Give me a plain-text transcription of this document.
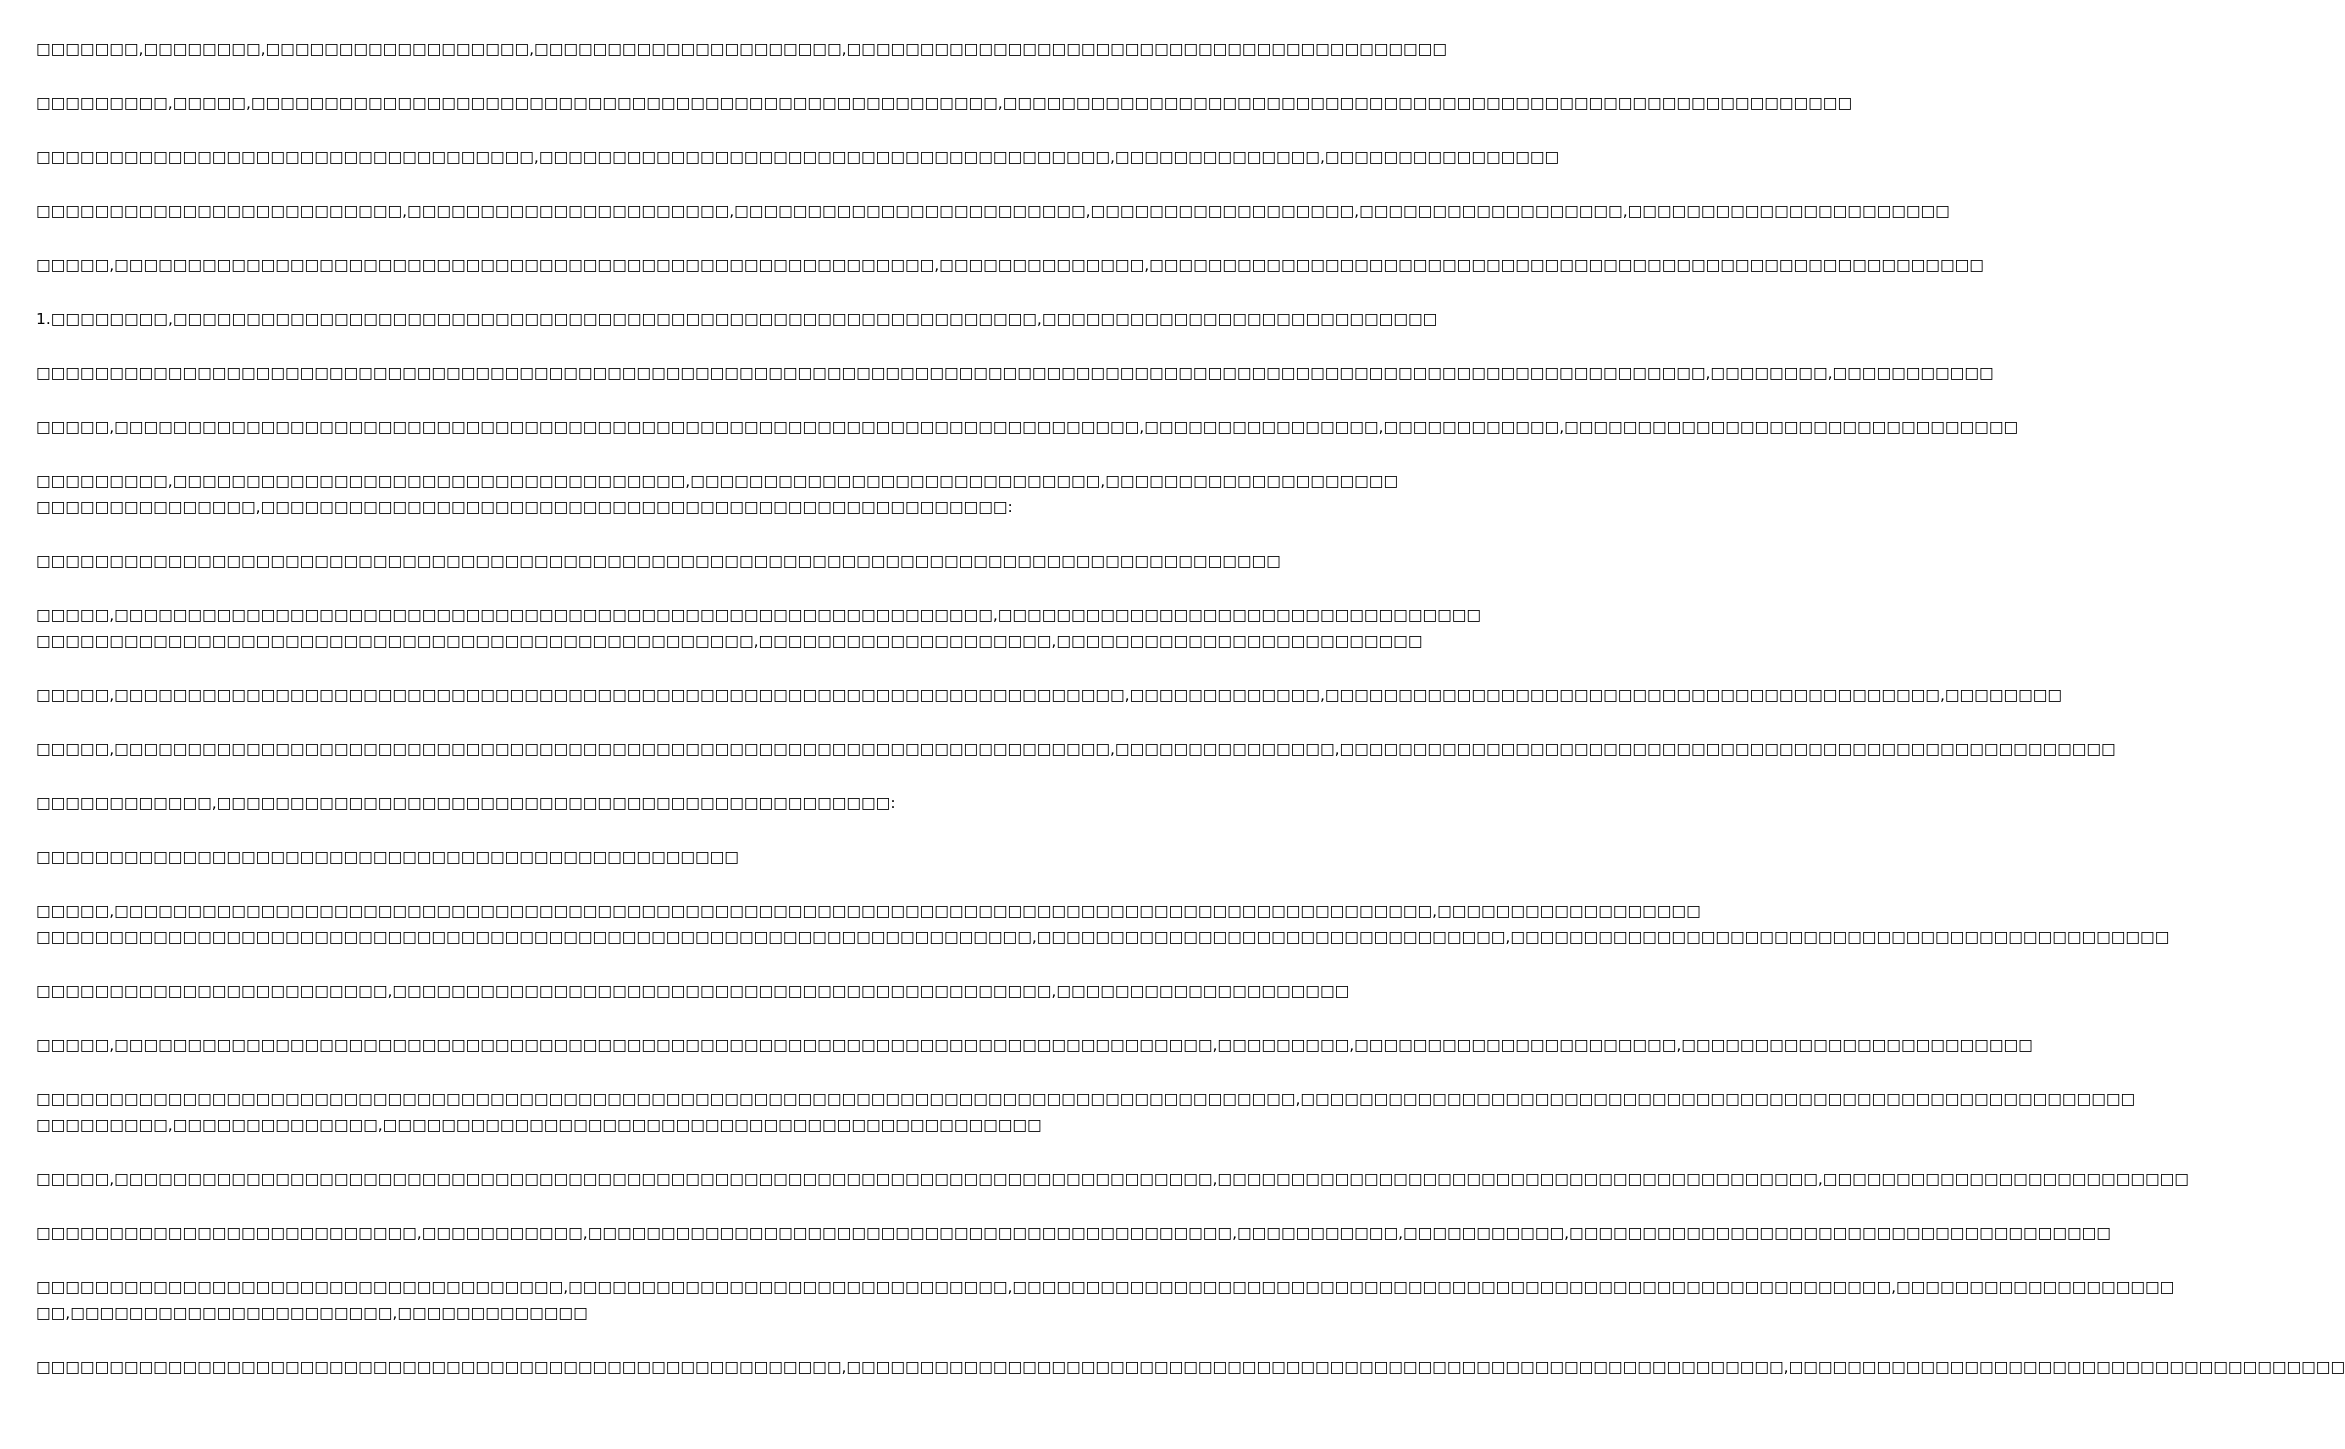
□□□□□□□,□□□□□□□□,□□□□□□□□□□□□□□□□□□,□□□□□□□□□□□□□□□□□□□□□,□□□□□□□□□□□□□□□□□□□□□□□□□□□□□□□□□□□□□□□□□

□□□□□□□□□,□□□□□,□□□□□□□□□□□□□□□□□□□□□□□□□□□□□□□□□□□□□□□□□□□□□□□□□□□,□□□□□□□□□□□□□□□□□□□□□□□□□□□□□□□□□□□□□□□□□□□□□□□□□□□□□□□□□□

□□□□□□□□□□□□□□□□□□□□□□□□□□□□□□□□□□,□□□□□□□□□□□□□□□□□□□□□□□□□□□□□□□□□□□□□□□,□□□□□□□□□□□□□□,□□□□□□□□□□□□□□□□

□□□□□□□□□□□□□□□□□□□□□□□□□,□□□□□□□□□□□□□□□□□□□□□□,□□□□□□□□□□□□□□□□□□□□□□□□,□□□□□□□□□□□□□□□□□□,□□□□□□□□□□□□□□□□□□,□□□□□□□□□□□□□□□□□□□□□□

□□□□□,□□□□□□□□□□□□□□□□□□□□□□□□□□□□□□□□□□□□□□□□□□□□□□□□□□□□□□□□,□□□□□□□□□□□□□□,□□□□□□□□□□□□□□□□□□□□□□□□□□□□□□□□□□□□□□□□□□□□□□□□□□□□□□□□□

1.□□□□□□□□,□□□□□□□□□□□□□□□□□□□□□□□□□□□□□□□□□□□□□□□□□□□□□□□□□□□□□□□□□□□,□□□□□□□□□□□□□□□□□□□□□□□□□□□

□□□□□□□□□□□□□□□□□□□□□□□□□□□□□□□□□□□□□□□□□□□□□□□□□□□□□□□□□□□□□□□□□□□□□□□□□□□□□□□□□□□□□□□□□□□□□□□□□□□□□□□□□□□□□□□□□□,□□□□□□□□,□□□□□□□□□□□

□□□□□,□□□□□□□□□□□□□□□□□□□□□□□□□□□□□□□□□□□□□□□□□□□□□□□□□□□□□□□□□□□□□□□□□□□□□□,□□□□□□□□□□□□□□□□,□□□□□□□□□□□□,□□□□□□□□□□□□□□□□□□□□□□□□□□□□□□□

□□□□□□□□□,□□□□□□□□□□□□□□□□□□□□□□□□□□□□□□□□□□□,□□□□□□□□□□□□□□□□□□□□□□□□□□□□,□□□□□□□□□□□□□□□□□□□□
□□□□□□□□□□□□□□□,□□□□□□□□□□□□□□□□□□□□□□□□□□□□□□□□□□□□□□□□□□□□□□□□□□□:

□□□□□□□□□□□□□□□□□□□□□□□□□□□□□□□□□□□□□□□□□□□□□□□□□□□□□□□□□□□□□□□□□□□□□□□□□□□□□□□□□□□□□

□□□□□,□□□□□□□□□□□□□□□□□□□□□□□□□□□□□□□□□□□□□□□□□□□□□□□□□□□□□□□□□□□□,□□□□□□□□□□□□□□□□□□□□□□□□□□□□□□□□□
□□□□□□□□□□□□□□□□□□□□□□□□□□□□□□□□□□□□□□□□□□□□□□□□□,□□□□□□□□□□□□□□□□□□□□,□□□□□□□□□□□□□□□□□□□□□□□□□

□□□□□,□□□□□□□□□□□□□□□□□□□□□□□□□□□□□□□□□□□□□□□□□□□□□□□□□□□□□□□□□□□□□□□□□□□□□,□□□□□□□□□□□□□,□□□□□□□□□□□□□□□□□□□□□□□□□□□□□□□□□□□□□□□□□□,□□□□□□□□

□□□□□,□□□□□□□□□□□□□□□□□□□□□□□□□□□□□□□□□□□□□□□□□□□□□□□□□□□□□□□□□□□□□□□□□□□□,□□□□□□□□□□□□□□□,□□□□□□□□□□□□□□□□□□□□□□□□□□□□□□□□□□□□□□□□□□□□□□□□□□□□□

□□□□□□□□□□□□,□□□□□□□□□□□□□□□□□□□□□□□□□□□□□□□□□□□□□□□□□□□□□□:

□□□□□□□□□□□□□□□□□□□□□□□□□□□□□□□□□□□□□□□□□□□□□□□□

□□□□□,□□□□□□□□□□□□□□□□□□□□□□□□□□□□□□□□□□□□□□□□□□□□□□□□□□□□□□□□□□□□□□□□□□□□□□□□□□□□□□□□□□□□□□□□□□,□□□□□□□□□□□□□□□□□□
□□□□□□□□□□□□□□□□□□□□□□□□□□□□□□□□□□□□□□□□□□□□□□□□□□□□□□□□□□□□□□□□□□□□,□□□□□□□□□□□□□□□□□□□□□□□□□□□□□□□□,□□□□□□□□□□□□□□□□□□□□□□□□□□□□□□□□□□□□□□□□□□□□□

□□□□□□□□□□□□□□□□□□□□□□□□,□□□□□□□□□□□□□□□□□□□□□□□□□□□□□□□□□□□□□□□□□□□□□,□□□□□□□□□□□□□□□□□□□□

□□□□□,□□□□□□□□□□□□□□□□□□□□□□□□□□□□□□□□□□□□□□□□□□□□□□□□□□□□□□□□□□□□□□□□□□□□□□□□□□□,□□□□□□□□□,□□□□□□□□□□□□□□□□□□□□□□,□□□□□□□□□□□□□□□□□□□□□□□□

□□□□□□□□□□□□□□□□□□□□□□□□□□□□□□□□□□□□□□□□□□□□□□□□□□□□□□□□□□□□□□□□□□□□□□□□□□□□□□□□□□□□□□,□□□□□□□□□□□□□□□□□□□□□□□□□□□□□□□□□□□□□□□□□□□□□□□□□□□□□□□□□
□□□□□□□□□,□□□□□□□□□□□□□□,□□□□□□□□□□□□□□□□□□□□□□□□□□□□□□□□□□□□□□□□□□□□□

□□□□□,□□□□□□□□□□□□□□□□□□□□□□□□□□□□□□□□□□□□□□□□□□□□□□□□□□□□□□□□□□□□□□□□□□□□□□□□□□□,□□□□□□□□□□□□□□□□□□□□□□□□□□□□□□□□□□□□□□□□□,□□□□□□□□□□□□□□□□□□□□□□□□□

□□□□□□□□□□□□□□□□□□□□□□□□□□,□□□□□□□□□□□,□□□□□□□□□□□□□□□□□□□□□□□□□□□□□□□□□□□□□□□□□□□□,□□□□□□□□□□□,□□□□□□□□□□□,□□□□□□□□□□□□□□□□□□□□□□□□□□□□□□□□□□□□□

□□□□□□□□□□□□□□□□□□□□□□□□□□□□□□□□□□□□,□□□□□□□□□□□□□□□□□□□□□□□□□□□□□□,□□□□□□□□□□□□□□□□□□□□□□□□□□□□□□□□□□□□□□□□□□□□□□□□□□□□□□□□□□□□,□□□□□□□□□□□□□□□□□□□
□□,□□□□□□□□□□□□□□□□□□□□□□,□□□□□□□□□□□□□

□□□□□□□□□□□□□□□□□□□□□□□□□□□□□□□□□□□□□□□□□□□□□□□□□□□□□□□,□□□□□□□□□□□□□□□□□□□□□□□□□□□□□□□□□□□□□□□□□□□□□□□□□□□□□□□□□□□□□□□□,□□□□□□□□□□□□□□□□□□□□□□□□□□□□□□□□□□□□□□
